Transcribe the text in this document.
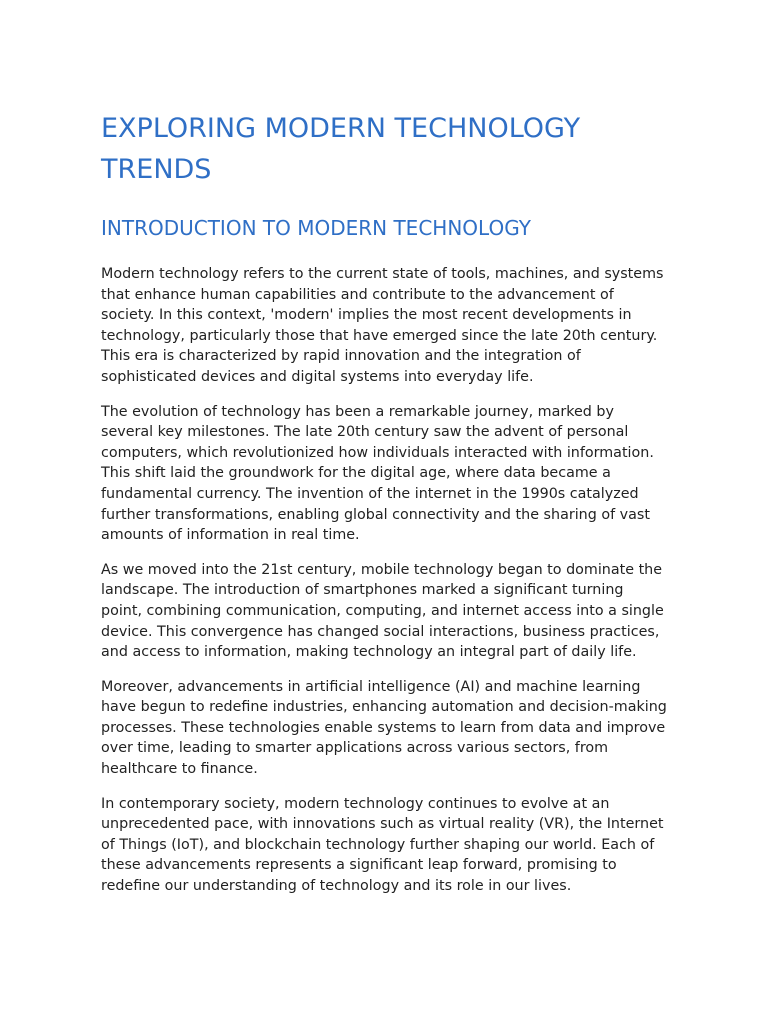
EXPLORING MODERN TECHNOLOGY TRENDS
INTRODUCTION TO MODERN TECHNOLOGY

Modern technology refers to the current state of tools, machines, and systems that enhance human capabilities and contribute to the advancement of society. In this context, 'modern' implies the most recent developments in technology, particularly those that have emerged since the late 20th century. This era is characterized by rapid innovation and the integration of sophisticated devices and digital systems into everyday life.

The evolution of technology has been a remarkable journey, marked by several key milestones. The late 20th century saw the advent of personal computers, which revolutionized how individuals interacted with information. This shift laid the groundwork for the digital age, where data became a fundamental currency. The invention of the internet in the 1990s catalyzed further transformations, enabling global connectivity and the sharing of vast amounts of information in real time.

As we moved into the 21st century, mobile technology began to dominate the landscape. The introduction of smartphones marked a significant turning point, combining communication, computing, and internet access into a single device. This convergence has changed social interactions, business practices, and access to information, making technology an integral part of daily life.

Moreover, advancements in artificial intelligence (AI) and machine learning have begun to redefine industries, enhancing automation and decision-making processes. These technologies enable systems to learn from data and improve over time, leading to smarter applications across various sectors, from healthcare to finance.

In contemporary society, modern technology continues to evolve at an unprecedented pace, with innovations such as virtual reality (VR), the Internet of Things (IoT), and blockchain technology further shaping our world. Each of these advancements represents a significant leap forward, promising to redefine our understanding of technology and its role in our lives.
